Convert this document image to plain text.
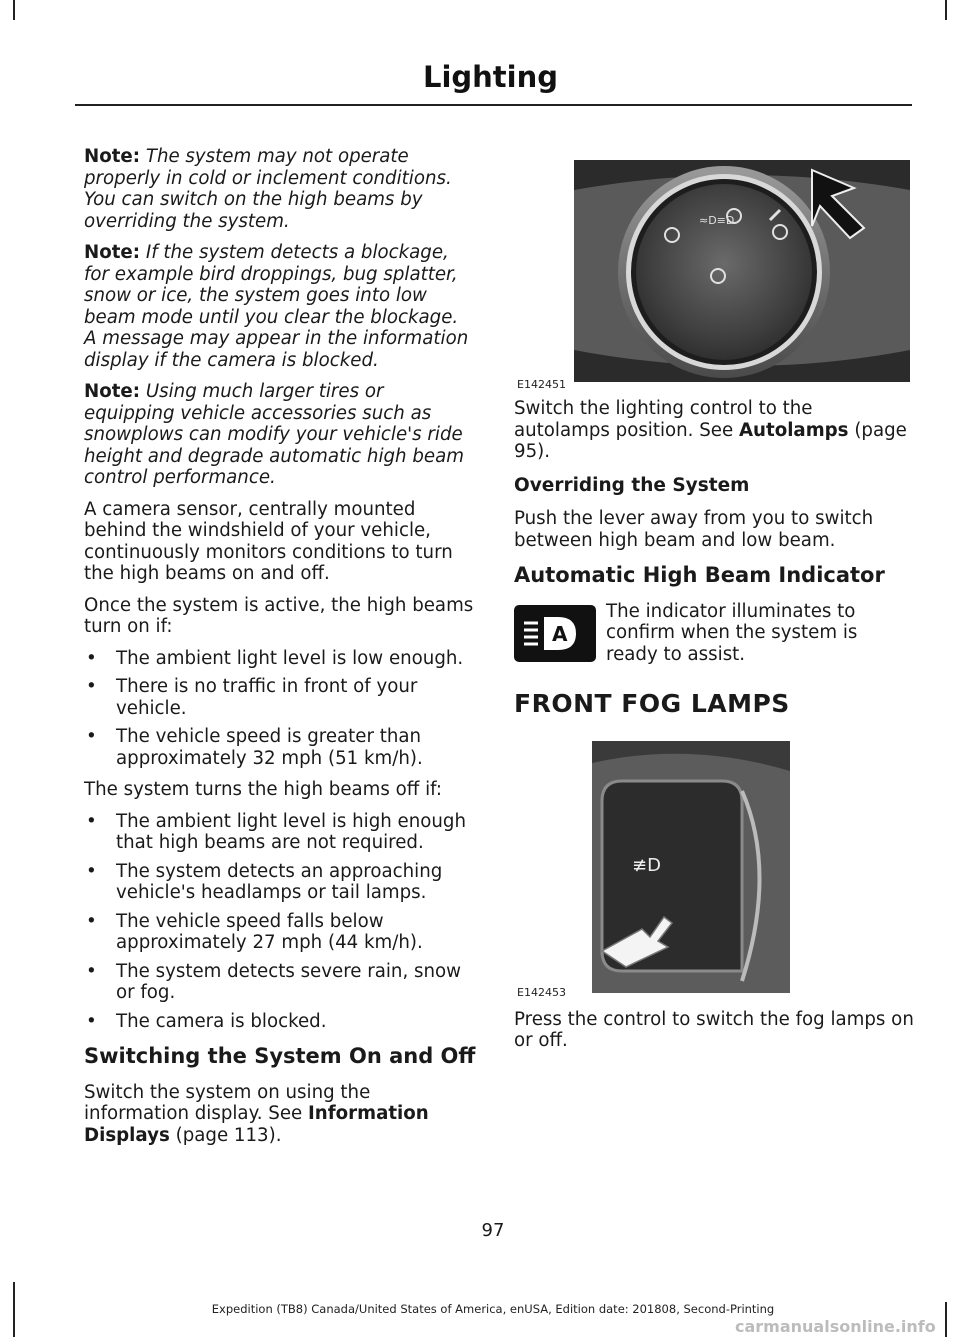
Lighting

Note: The system may not operate properly in cold or inclement conditions. You can switch on the high beams by overriding the system.

Note: If the system detects a blockage, for example bird droppings, bug splatter, snow or ice, the system goes into low beam mode until you clear the blockage. A message may appear in the information display if the camera is blocked.

Note: Using much larger tires or equipping vehicle accessories such as snowplows can modify your vehicle's ride height and degrade automatic high beam control performance.

A camera sensor, centrally mounted behind the windshield of your vehicle, continuously monitors conditions to turn the high beams on and off.

Once the system is active, the high beams turn on if:

• The ambient light level is low enough.
• There is no traffic in front of your vehicle.
• The vehicle speed is greater than approximately 32 mph (51 km/h).

The system turns the high beams off if:

• The ambient light level is high enough that high beams are not required.
• The system detects an approaching vehicle's headlamps or tail lamps.
• The vehicle speed falls below approximately 27 mph (44 km/h).
• The system detects severe rain, snow or fog.
• The camera is blocked.
Switching the System On and Off

Switch the system on using the information display. See Information Displays (page 113).

≈D≡D
E142451

Switch the lighting control to the autolamps position. See Autolamps (page 95).

Overriding the System

Push the lever away from you to switch between high beam and low beam.

Automatic High Beam Indicator
A
The indicator illuminates to confirm when the system is ready to assist.
FRONT FOG LAMPS
≢D
E142453

Press the control to switch the fog lamps on or off.

97
Expedition (TB8) Canada/United States of America, enUSA, Edition date: 201808, Second-Printing
carmanualsonline.info
